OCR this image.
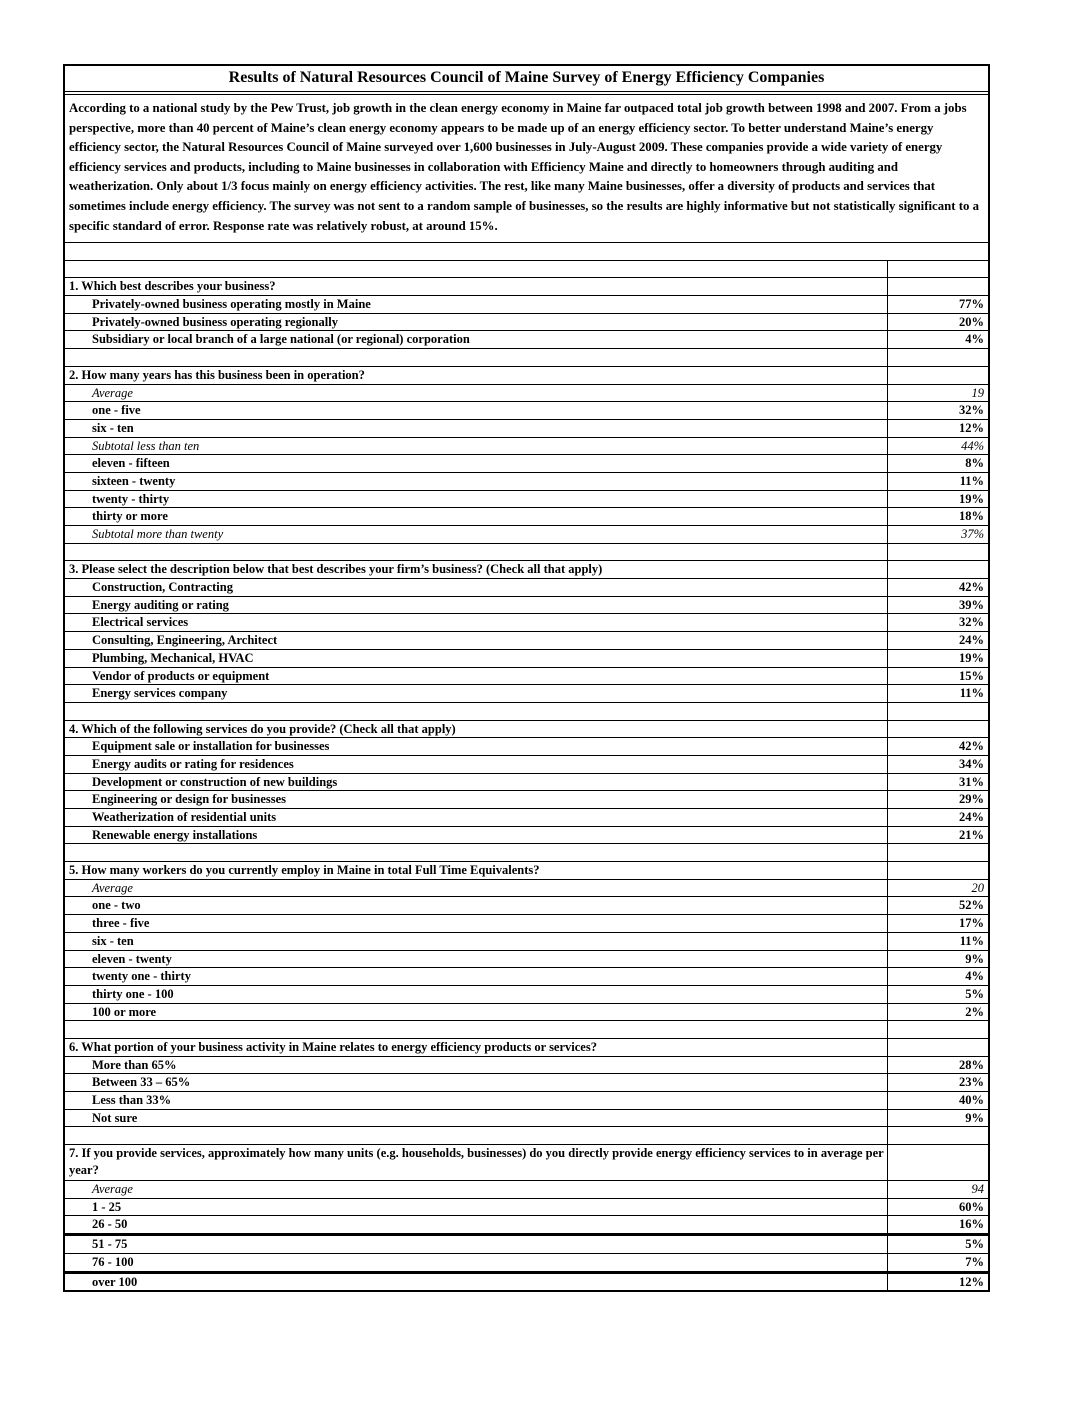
Results of Natural Resources Council of Maine Survey of Energy Efficiency Companies
According to a national study by the Pew Trust, job growth in the clean energy economy in Maine far outpaced total job growth between 1998 and 2007. From a jobs perspective, more than 40 percent of Maine’s clean energy economy appears to be made up of an energy efficiency sector. To better understand Maine’s energy efficiency sector, the Natural Resources Council of Maine surveyed over 1,600 businesses in July-August 2009. These companies provide a wide variety of energy efficiency services and products, including to Maine businesses in collaboration with Efficiency Maine and directly to homeowners through auditing and weatherization. Only about 1/3 focus mainly on energy efficiency activities. The rest, like many Maine businesses, offer a diversity of products and services that sometimes include energy efficiency. The survey was not sent to a random sample of businesses, so the results are highly informative but not statistically significant to a specific standard of error. Response rate was relatively robust, at around 15%.
1. Which best describes your business?
Privately-owned business operating mostly in Maine	77%
Privately-owned business operating regionally	20%
Subsidiary or local branch of a large national (or regional) corporation	4%
2. How many years has this business been in operation?
Average	19
one - five	32%
six - ten	12%
Subtotal less than ten	44%
eleven - fifteen	8%
sixteen - twenty	11%
twenty - thirty	19%
thirty or more	18%
Subtotal more than twenty	37%
3. Please select the description below that best describes your firm’s business? (Check all that apply)
Construction, Contracting	42%
Energy auditing or rating	39%
Electrical services	32%
Consulting, Engineering, Architect	24%
Plumbing, Mechanical, HVAC	19%
Vendor of products or equipment	15%
Energy services company	11%
4. Which of the following services do you provide? (Check all that apply)
Equipment sale or installation for businesses	42%
Energy audits or rating for residences	34%
Development or construction of new buildings	31%
Engineering or design for businesses	29%
Weatherization of residential units	24%
Renewable energy installations	21%
5. How many workers do you currently employ in Maine in total Full Time Equivalents?
Average	20
one - two	52%
three - five	17%
six - ten	11%
eleven - twenty	9%
twenty one - thirty	4%
thirty one - 100	5%
100 or more	2%
6. What portion of your business activity in Maine relates to energy efficiency products or services?
More than 65%	28%
Between 33 – 65%	23%
Less than 33%	40%
Not sure	9%
7. If you provide services, approximately how many units (e.g. households, businesses) do you directly provide energy efficiency services to in average per year?
Average	94
1 - 25	60%
26 - 50	16%
51 - 75	5%
76 - 100	7%
over 100	12%
